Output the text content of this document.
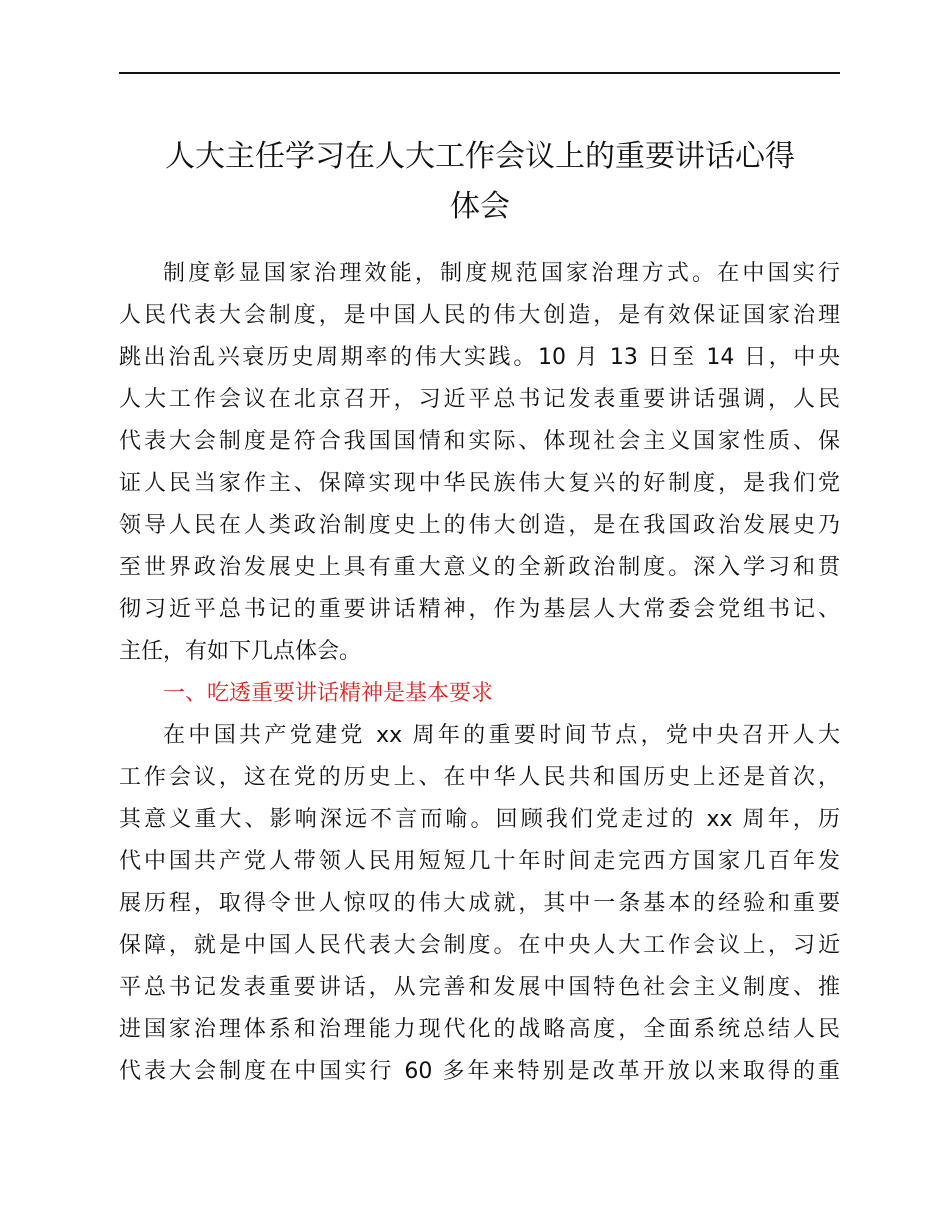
人大主任学习在人大工作会议上的重要讲话心得
体会
制度彰显国家治理效能，制度规范国家治理方式。在中国实行
人民代表大会制度，是中国人民的伟大创造，是有效保证国家治理
跳出治乱兴衰历史周期率的伟大实践。10 月 13 日至 14 日，中央
人大工作会议在北京召开，习近平总书记发表重要讲话强调，人民
代表大会制度是符合我国国情和实际、体现社会主义国家性质、保
证人民当家作主、保障实现中华民族伟大复兴的好制度，是我们党
领导人民在人类政治制度史上的伟大创造，是在我国政治发展史乃
至世界政治发展史上具有重大意义的全新政治制度。深入学习和贯
彻习近平总书记的重要讲话精神，作为基层人大常委会党组书记、
主任，有如下几点体会。
一、吃透重要讲话精神是基本要求
在中国共产党建党 xx 周年的重要时间节点，党中央召开人大
工作会议，这在党的历史上、在中华人民共和国历史上还是首次，
其意义重大、影响深远不言而喻。回顾我们党走过的 xx 周年，历
代中国共产党人带领人民用短短几十年时间走完西方国家几百年发
展历程，取得令世人惊叹的伟大成就，其中一条基本的经验和重要
保障，就是中国人民代表大会制度。在中央人大工作会议上，习近
平总书记发表重要讲话，从完善和发展中国特色社会主义制度、推
进国家治理体系和治理能力现代化的战略高度，全面系统总结人民
代表大会制度在中国实行 60 多年来特别是改革开放以来取得的重
